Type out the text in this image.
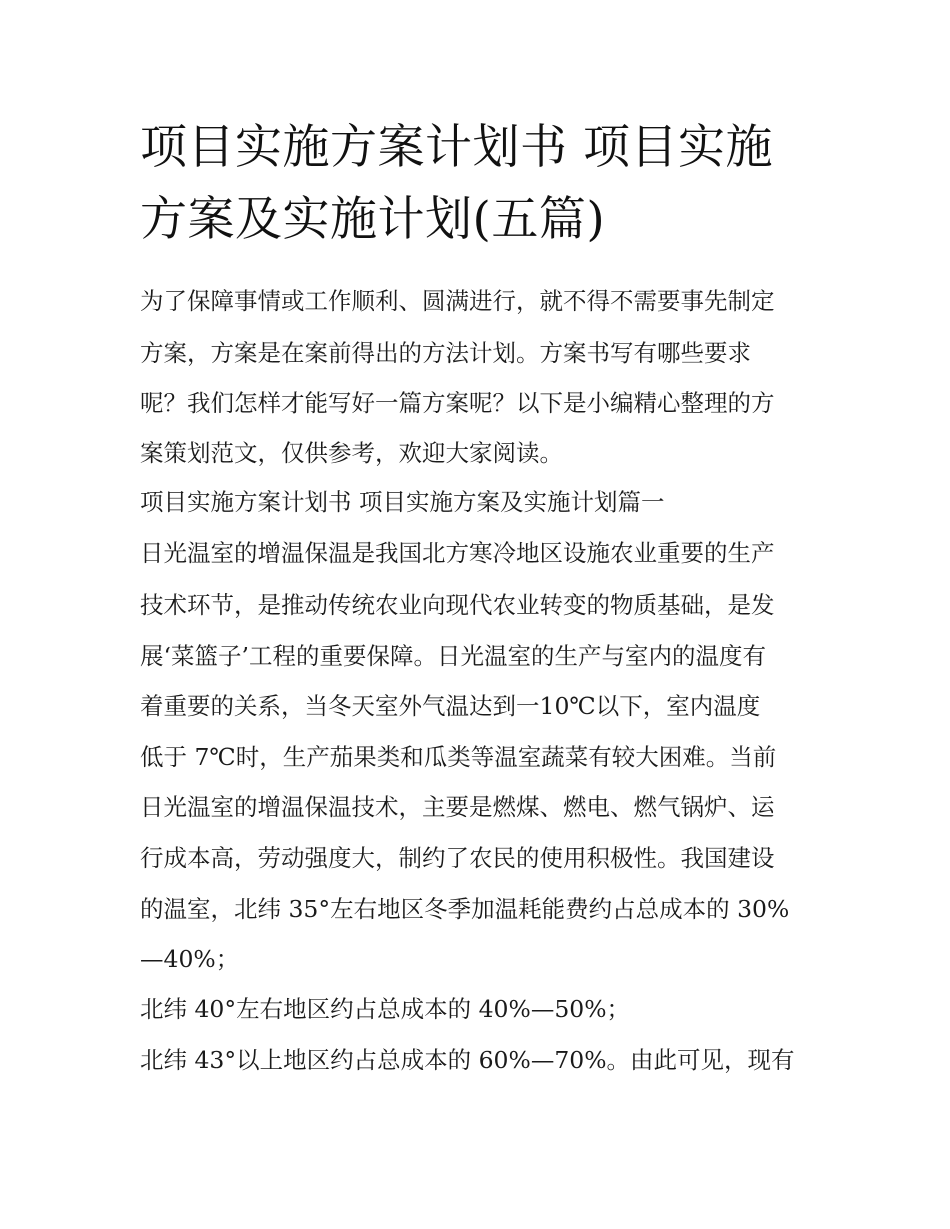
项目实施方案计划书 项目实施
方案及实施计划(五篇)

为了保障事情或工作顺利、圆满进行，就不得不需要事先制定

方案，方案是在案前得出的方法计划。方案书写有哪些要求

呢？我们怎样才能写好一篇方案呢？以下是小编精心整理的方

案策划范文，仅供参考，欢迎大家阅读。

项目实施方案计划书 项目实施方案及实施计划篇一

日光温室的增温保温是我国北方寒冷地区设施农业重要的生产

技术环节，是推动传统农业向现代农业转变的物质基础，是发

展‘菜篮子’工程的重要保障。日光温室的生产与室内的温度有

着重要的关系，当冬天室外气温达到一10℃以下，室内温度

低于 7℃时，生产茄果类和瓜类等温室蔬菜有较大困难。当前

日光温室的增温保温技术，主要是燃煤、燃电、燃气锅炉、运

行成本高，劳动强度大，制约了农民的使用积极性。我国建设

的温室，北纬 35°左右地区冬季加温耗能费约占总成本的 30%

—40%；

北纬 40°左右地区约占总成本的 40%—50%；

北纬 43°以上地区约占总成本的 60%—70%。由此可见，现有
